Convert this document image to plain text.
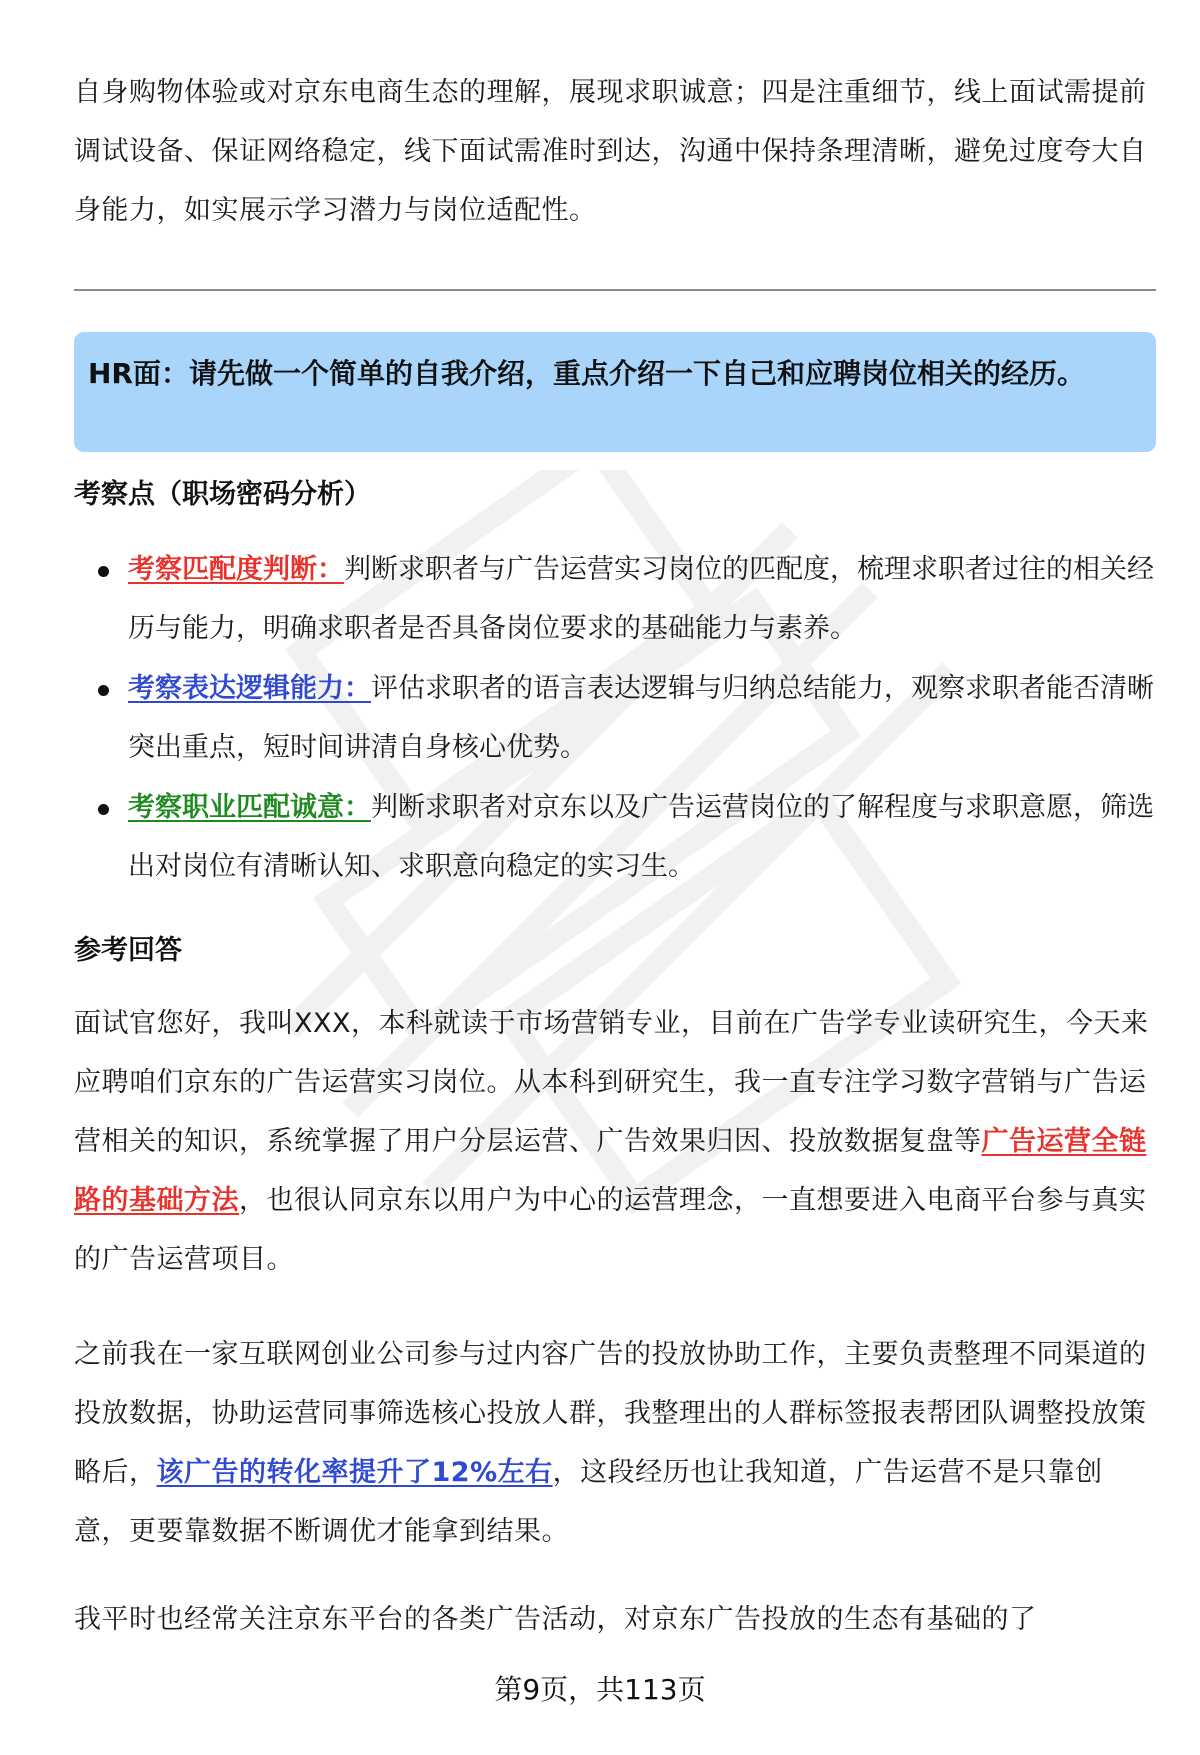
自身购物体验或对京东电商生态的理解，展现求职诚意；四是注重细节，线上面试需提前调试设备、保证网络稳定，线下面试需准时到达，沟通中保持条理清晰，避免过度夸大自身能力，如实展示学习潜力与岗位适配性。

HR面：请先做一个简单的自我介绍，重点介绍一下自己和应聘岗位相关的经历。

考察点（职场密码分析）

考察匹配度判断：判断求职者与广告运营实习岗位的匹配度，梳理求职者过往的相关经历与能力，明确求职者是否具备岗位要求的基础能力与素养。
考察表达逻辑能力：评估求职者的语言表达逻辑与归纳总结能力，观察求职者能否清晰突出重点，短时间讲清自身核心优势。
考察职业匹配诚意：判断求职者对京东以及广告运营岗位的了解程度与求职意愿，筛选出对岗位有清晰认知、求职意向稳定的实习生。

参考回答

面试官您好，我叫XXX，本科就读于市场营销专业，目前在广告学专业读研究生，今天来应聘咱们京东的广告运营实习岗位。从本科到研究生，我一直专注学习数字营销与广告运营相关的知识，系统掌握了用户分层运营、广告效果归因、投放数据复盘等广告运营全链路的基础方法，也很认同京东以用户为中心的运营理念，一直想要进入电商平台参与真实的广告运营项目。

之前我在一家互联网创业公司参与过内容广告的投放协助工作，主要负责整理不同渠道的投放数据，协助运营同事筛选核心投放人群，我整理出的人群标签报表帮团队调整投放策略后，该广告的转化率提升了12%左右，这段经历也让我知道，广告运营不是只靠创意，更要靠数据不断调优才能拿到结果。

我平时也经常关注京东平台的各类广告活动，对京东广告投放的生态有基础的了

第9页，共113页
